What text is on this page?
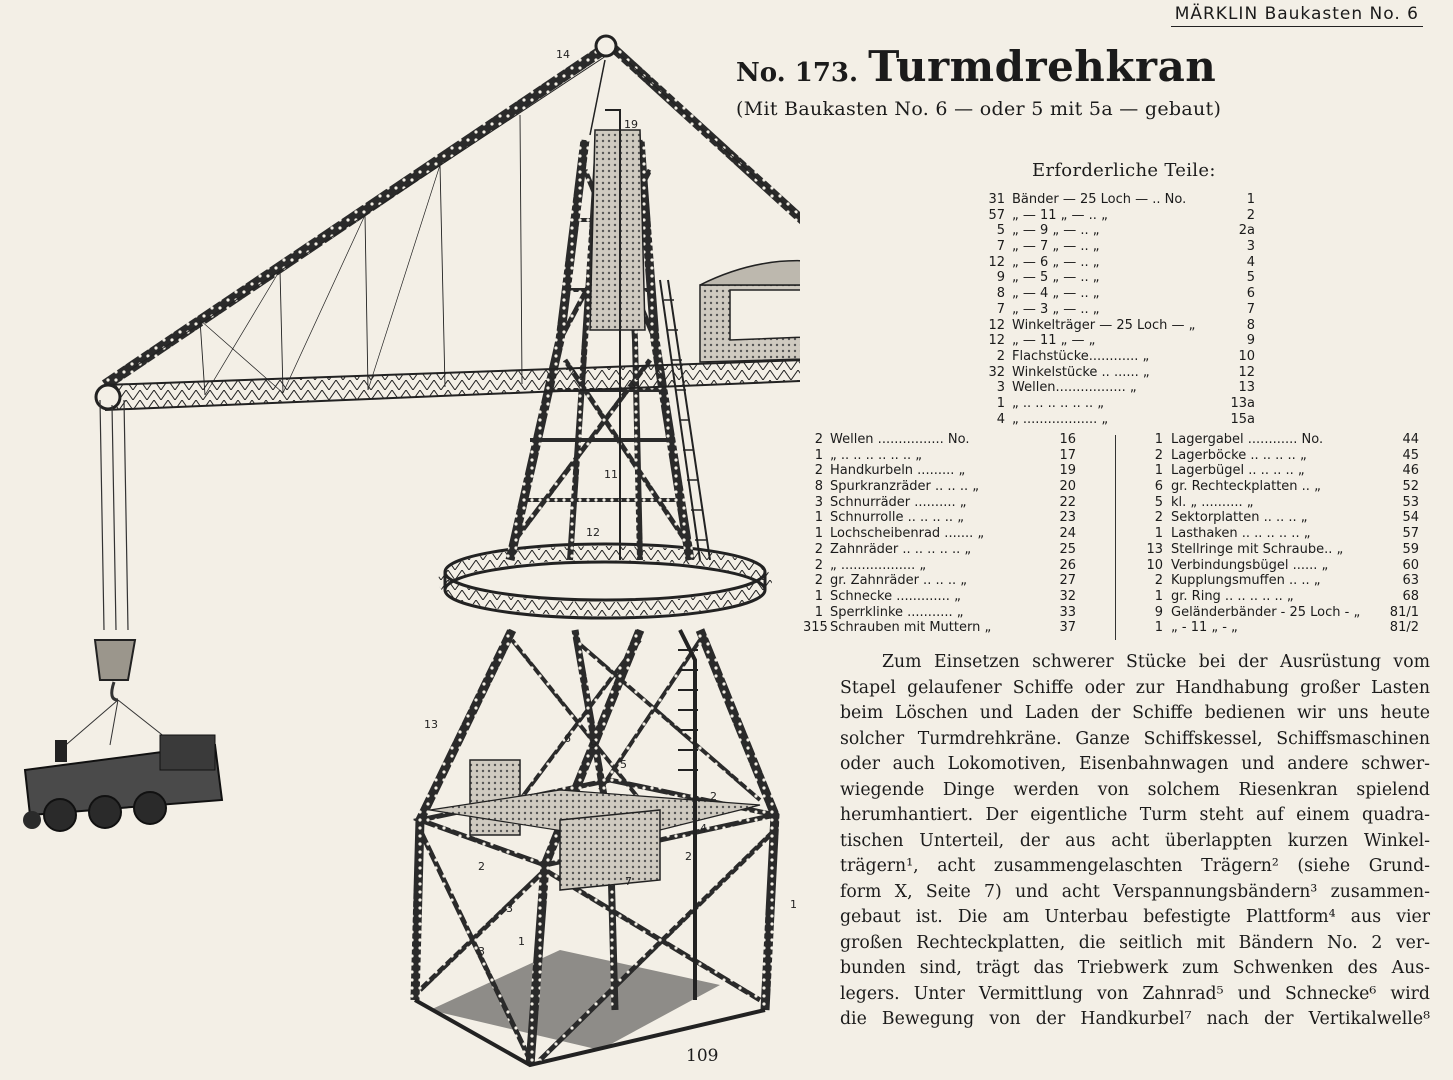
MÄRKLIN Baukasten No. 6
No. 173. Turmdrehkran
(Mit Baukasten No. 6 — oder 5 mit 5a — gebaut)
Erforderliche Teile:
31 Bänder — 25 Loch — .. No.	1
57 „ — 11 „ — .. „	2
5 „ — 9 „ — .. „	2a
7 „ — 7 „ — .. „	3
12 „ — 6 „ — .. „	4
9 „ — 5 „ — .. „	5
8 „ — 4 „ — .. „	6
7 „ — 3 „ — .. „	7
12 Winkelträger — 25 Loch — „	8
12 „ — 11 „ — „	9
2 Flachstücke............ „	10
32 Winkelstücke .. ...... „	12
3 Wellen................. „	13
1 „ .. .. .. .. .. .. „	13a
4 „ .................. „	15a
2 Wellen ................ No.	16
1 „ .. .. .. .. .. .. „	17
2 Handkurbeln ......... „	19
8 Spurkranzräder .. .. .. „	20
3 Schnurräder .......... „	22
1 Schnurrolle .. .. .. .. „	23
1 Lochscheibenrad ....... „	24
2 Zahnräder .. .. .. .. .. „	25
2 „ .................. „	26
2 gr. Zahnräder .. .. .. „	27
1 Schnecke ............. „	32
1 Sperrklinke ........... „	33
315 Schrauben mit Muttern „	37
1 Lagergabel ............ No.	44
2 Lagerböcke .. .. .. .. „	45
1 Lagerbügel .. .. .. .. „	46
6 gr. Rechteckplatten .. „	52
5 kl. „ .......... „	53
2 Sektorplatten .. .. .. „	54
1 Lasthaken .. .. .. .. .. „	57
13 Stellringe mit Schraube.. „	59
10 Verbindungsbügel ...... „	60
2 Kupplungsmuffen .. .. „	63
1 gr. Ring .. .. .. .. .. „	68
9 Geländerbänder - 25 Loch - „	81/1
1 „ - 11 „ - „	81/2
Zum Einsetzen schwerer Stücke bei der Ausrüstung vom
Stapel gelaufener Schiffe oder zur Handhabung großer Lasten
beim Löschen und Laden der Schiffe bedienen wir uns heute
solcher Turmdrehkräne. Ganze Schiffskessel, Schiffsmaschinen
oder auch Lokomotiven, Eisenbahnwagen und andere schwer-
wiegende Dinge werden von solchem Riesenkran spielend
herumhantiert. Der eigentliche Turm steht auf einem quadra-
tischen Unterteil, der aus acht überlappten kurzen Winkel-
trägern¹, acht zusammengelaschten Trägern² (siehe Grund-
form X, Seite 7) und acht Verspannungsbändern³ zusammen-
gebaut ist. Die am Unterbau befestigte Plattform⁴ aus vier
großen Rechteckplatten, die seitlich mit Bändern No. 2 ver-
bunden sind, trägt das Triebwerk zum Schwenken des Aus-
legers. Unter Vermittlung von Zahnrad⁵ und Schnecke⁶ wird
die Bewegung von der Handkurbel⁷ nach der Vertikalwelle⁸
109
14
19
11
12
13
6 9
5
2
4
7
2
3
3
1
1
2
